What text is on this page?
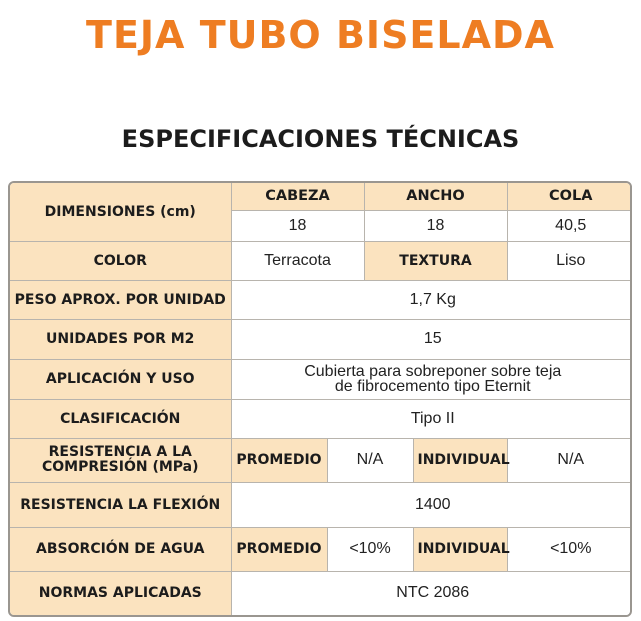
TEJA TUBO BISELADA
ESPECIFICACIONES TÉCNICAS
DIMENSIONES (cm)	CABEZA		ANCHO		COLA
	18		18		40,5
COLOR	Terracota		TEXTURA		Liso
PESO APROX. POR UNIDAD	1,7 Kg				
UNIDADES POR M2	15				
APLICACIÓN Y USO	Cubierta para sobreponer sobre teja
de fibrocemento tipo Eternit				

CLASIFICACIÓN	Tipo II				

RESISTENCIA A LA
COMPRESIÓN (MPa)	PROMEDIO	N/A		INDIVIDUAL	N/A
RESISTENCIA LA FLEXIÓN	1400				
ABSORCIÓN DE AGUA	PROMEDIO	<10%		INDIVIDUAL	<10%
NORMAS APLICADAS	NTC 2086				
